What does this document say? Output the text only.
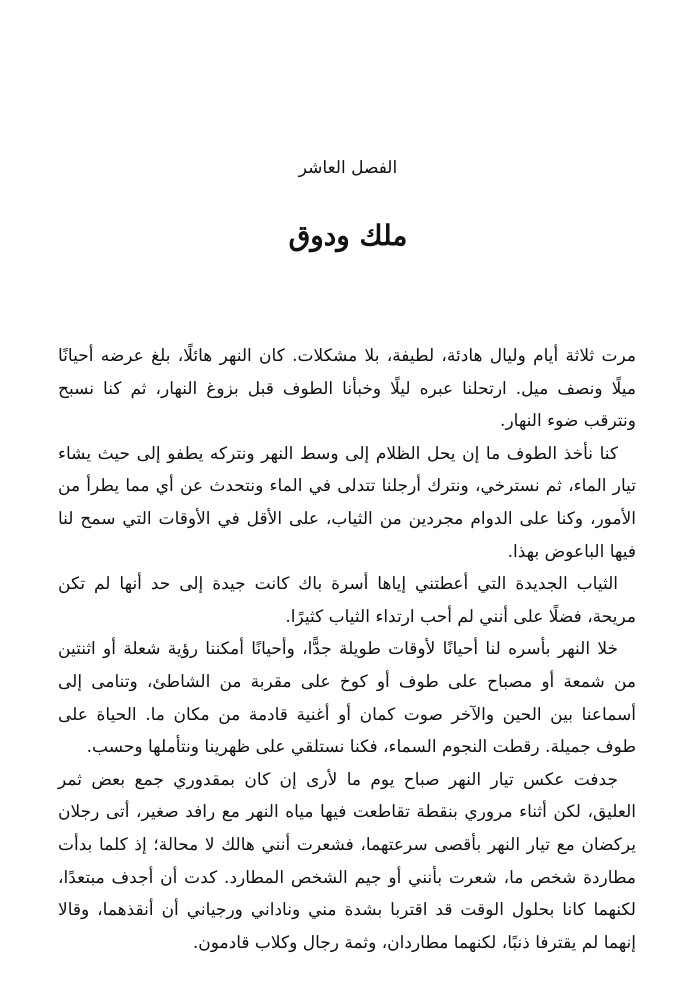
الفصل العاشر
ملك ودوق

مرت ثلاثة أيام وليال هادئة، لطيفة، بلا مشكلات. كان النهر هائلًا، بلغ عرضه أحيانًا ميلًا ونصف ميل. ارتحلنا عبره ليلًا وخبأنا الطوف قبل بزوغ النهار، ثم كنا نسبح ونترقب ضوء النهار.

كنا نأخذ الطوف ما إن يحل الظلام إلى وسط النهر ونتركه يطفو إلى حيث يشاء تيار الماء، ثم نسترخي، ونترك أرجلنا تتدلى في الماء ونتحدث عن أي مما يطرأ من الأمور، وكنا على الدوام مجردين من الثياب، على الأقل في الأوقات التي سمح لنا فيها الباعوض بهذا.

الثياب الجديدة التي أعطتني إياها أسرة باك كانت جيدة إلى حد أنها لم تكن مريحة، فضلًا على أنني لم أحب ارتداء الثياب كثيرًا.

خلا النهر بأسره لنا أحيانًا لأوقات طويلة جدًّا، وأحيانًا أمكننا رؤية شعلة أو اثنتين من شمعة أو مصباح على طوف أو كوخ على مقربة من الشاطئ، وتنامى إلى أسماعنا بين الحين والآخر صوت كمان أو أغنية قادمة من مكان ما. الحياة على طوف جميلة. رقطت النجوم السماء، فكنا نستلقي على ظهرينا ونتأملها وحسب.

جدفت عكس تيار النهر صباح يوم ما لأرى إن كان بمقدوري جمع بعض ثمر العليق، لكن أثناء مروري بنقطة تقاطعت فيها مياه النهر مع رافد صغير، أتى رجلان يركضان مع تيار النهر بأقصى سرعتهما، فشعرت أنني هالك لا محالة؛ إذ كلما بدأت مطاردة شخص ما، شعرت بأنني أو جيم الشخص المطارد. كدت أن أجدف مبتعدًا، لكنهما كانا بحلول الوقت قد اقتربا بشدة مني وناداني ورجياني أن أنقذهما، وقالا إنهما لم يقترفا ذنبًا، لكنهما مطاردان، وثمة رجال وكلاب قادمون.
